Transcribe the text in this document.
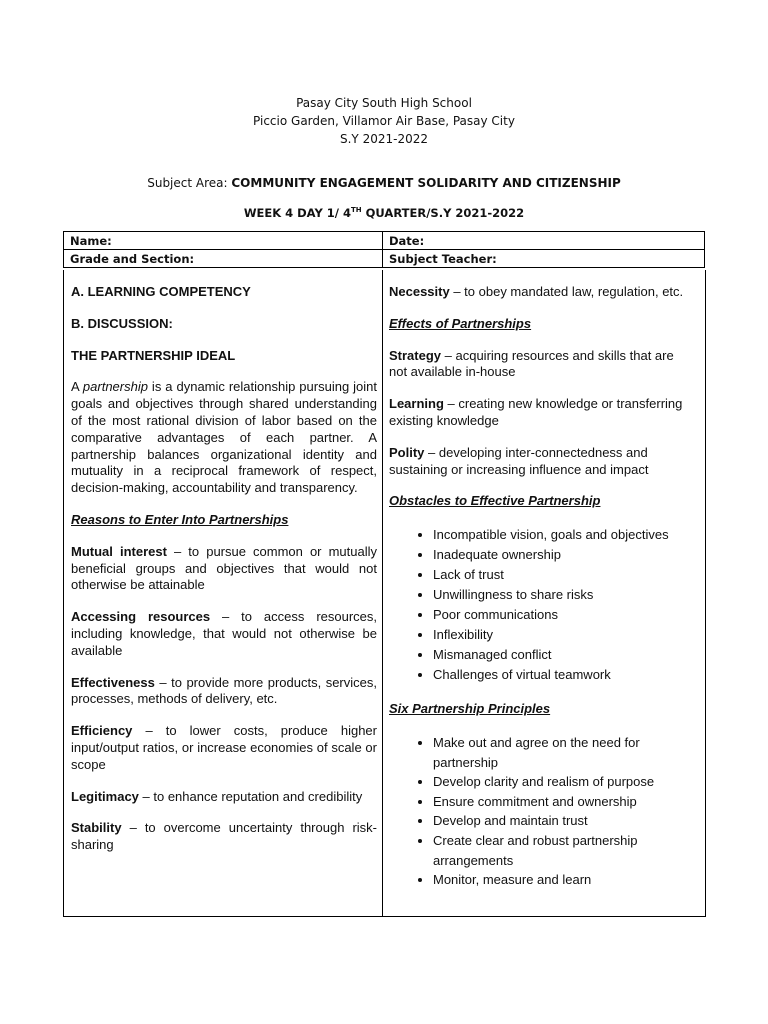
Pasay City South High School
Piccio Garden, Villamor Air Base, Pasay City
S.Y 2021-2022
Subject Area: COMMUNITY ENGAGEMENT SOLIDARITY AND CITIZENSHIP
WEEK 4 DAY 1/ 4TH QUARTER/S.Y 2021-2022
Name:	Date:
Grade and Section:	Subject Teacher:

A. LEARNING COMPETENCY

B. DISCUSSION:

THE PARTNERSHIP IDEAL

A partnership is a dynamic relationship pursuing joint goals and objectives through shared understanding of the most rational division of labor based on the comparative advantages of each partner. A partnership balances organizational identity and mutuality in a reciprocal framework of respect, decision-making, accountability and transparency.

Reasons to Enter Into Partnerships

Mutual interest – to pursue common or mutually beneficial groups and objectives that would not otherwise be attainable

Accessing resources – to access resources, including knowledge, that would not otherwise be available

Effectiveness – to provide more products, services, processes, methods of delivery, etc.

Efficiency – to lower costs, produce higher input/output ratios, or increase economies of scale or scope

Legitimacy – to enhance reputation and credibility

Stability – to overcome uncertainty through risk-sharing

Necessity – to obey mandated law, regulation, etc.

Effects of Partnerships

Strategy – acquiring resources and skills that are not available in-house

Learning – creating new knowledge or transferring existing knowledge

Polity – developing inter-connectedness and sustaining or increasing influence and impact

Obstacles to Effective Partnership

• Incompatible vision, goals and objectives
• Inadequate ownership
• Lack of trust
• Unwillingness to share risks
• Poor communications
• Inflexibility
• Mismanaged conflict
• Challenges of virtual teamwork

Six Partnership Principles

• Make out and agree on the need for partnership
• Develop clarity and realism of purpose
• Ensure commitment and ownership
• Develop and maintain trust
• Create clear and robust partnership arrangements
• Monitor, measure and learn
